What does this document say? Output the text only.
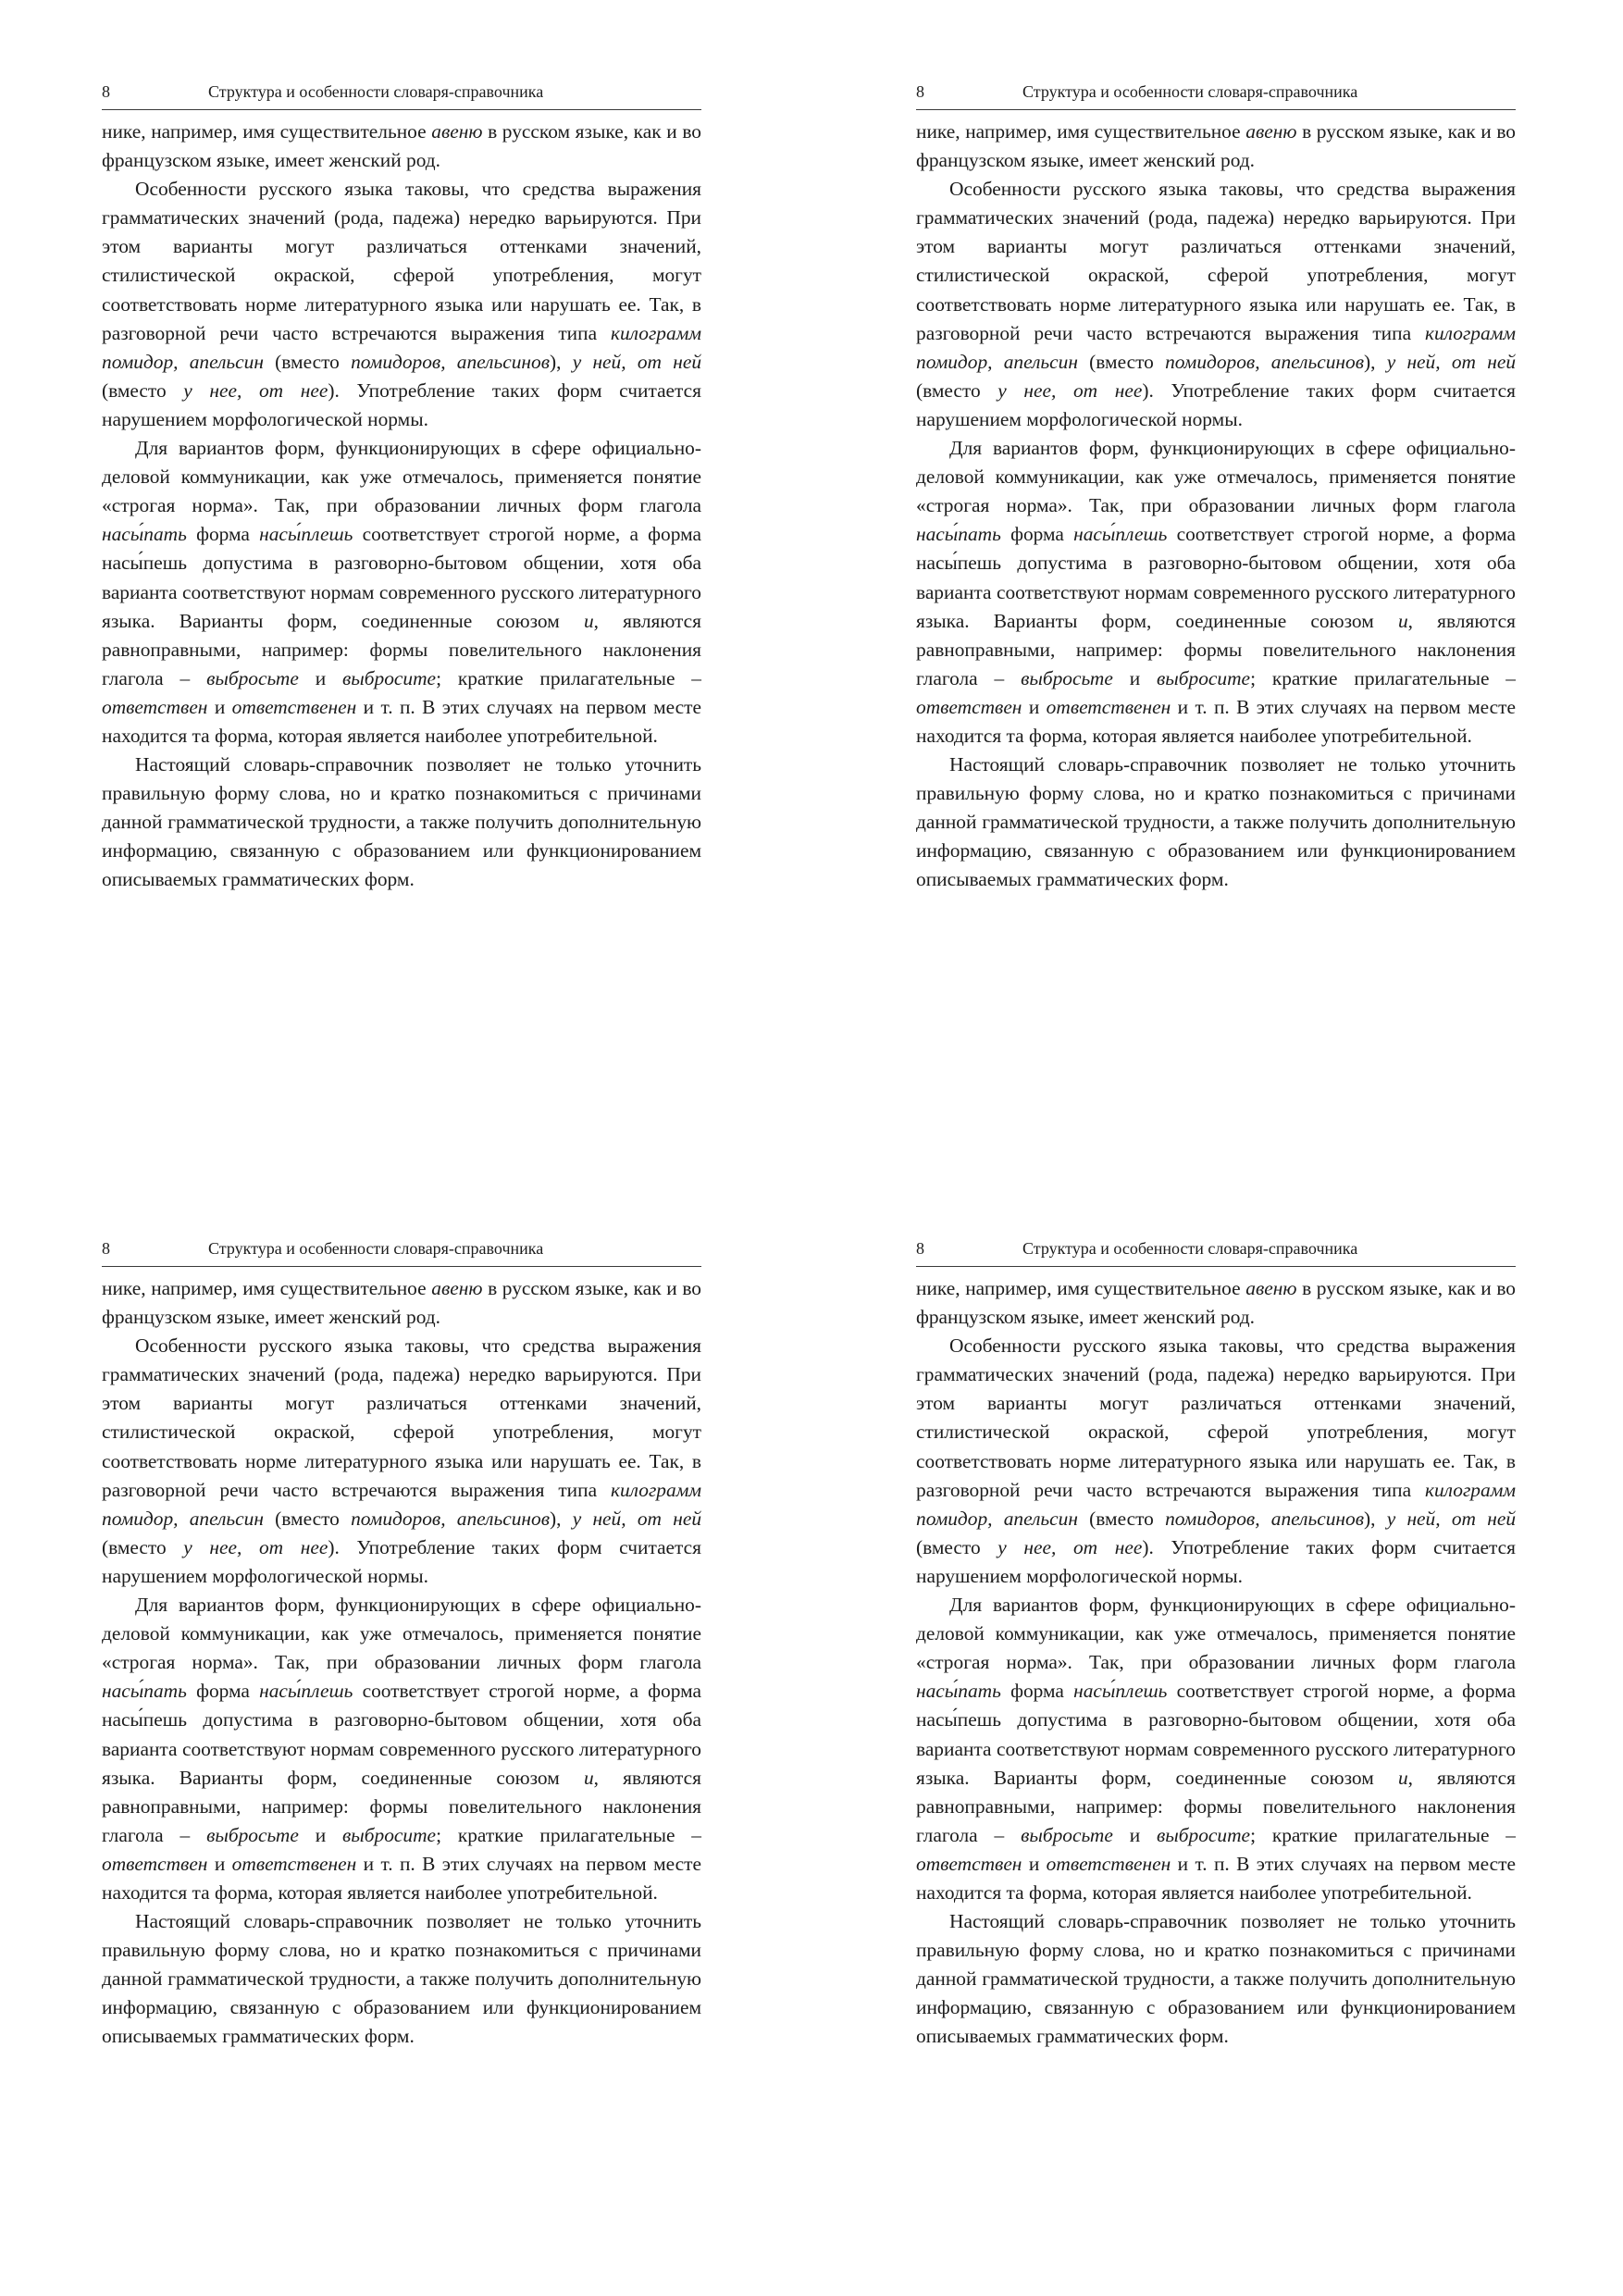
8	Структура и особенности словаря-справочника

нике, например, имя существительное авеню в русском языке, как и во французском языке, имеет женский род.

Особенности русского языка таковы, что средства выражения грамматических значений (рода, падежа) нередко варьируются. При этом варианты могут различаться оттенками значений, стилистической окраской, сферой употребления, могут соответствовать норме литературного языка или нарушать ее. Так, в разговорной речи часто встречаются выражения типа килограмм помидор, апельсин (вместо помидоров, апельсинов), у ней, от ней (вместо у нее, от нее). Употребление таких форм считается нарушением морфологической нормы.

Для вариантов форм, функционирующих в сфере официально-деловой коммуникации, как уже отмечалось, применяется понятие «строгая норма». Так, при образовании личных форм глагола насы́пать форма насы́плешь соответствует строгой норме, а форма насы́пешь допустима в разговорно-бытовом общении, хотя оба варианта соответствуют нормам современного русского литературного языка. Варианты форм, соединенные союзом и, являются равноправными, например: формы повелительного наклонения глагола – выбросьте и выбросите; краткие прилагательные – ответствен и ответственен и т. п. В этих случаях на первом месте находится та форма, которая является наиболее употребительной.

Настоящий словарь-справочник позволяет не только уточнить правильную форму слова, но и кратко познакомиться с причинами данной грамматической трудности, а также получить дополнительную информацию, связанную с образованием или функционированием описываемых грамматических форм.

8	Структура и особенности словаря-справочника

нике, например, имя существительное авеню в русском языке, как и во французском языке, имеет женский род.

Особенности русского языка таковы, что средства выражения грамматических значений (рода, падежа) нередко варьируются. При этом варианты могут различаться оттенками значений, стилистической окраской, сферой употребления, могут соответствовать норме литературного языка или нарушать ее. Так, в разговорной речи часто встречаются выражения типа килограмм помидор, апельсин (вместо помидоров, апельсинов), у ней, от ней (вместо у нее, от нее). Употребление таких форм считается нарушением морфологической нормы.

Для вариантов форм, функционирующих в сфере официально-деловой коммуникации, как уже отмечалось, применяется понятие «строгая норма». Так, при образовании личных форм глагола насы́пать форма насы́плешь соответствует строгой норме, а форма насы́пешь допустима в разговорно-бытовом общении, хотя оба варианта соответствуют нормам современного русского литературного языка. Варианты форм, соединенные союзом и, являются равноправными, например: формы повелительного наклонения глагола – выбросьте и выбросите; краткие прилагательные – ответствен и ответственен и т. п. В этих случаях на первом месте находится та форма, которая является наиболее употребительной.

Настоящий словарь-справочник позволяет не только уточнить правильную форму слова, но и кратко познакомиться с причинами данной грамматической трудности, а также получить дополнительную информацию, связанную с образованием или функционированием описываемых грамматических форм.

8	Структура и особенности словаря-справочника

нике, например, имя существительное авеню в русском языке, как и во французском языке, имеет женский род.

Особенности русского языка таковы, что средства выражения грамматических значений (рода, падежа) нередко варьируются. При этом варианты могут различаться оттенками значений, стилистической окраской, сферой употребления, могут соответствовать норме литературного языка или нарушать ее. Так, в разговорной речи часто встречаются выражения типа килограмм помидор, апельсин (вместо помидоров, апельсинов), у ней, от ней (вместо у нее, от нее). Употребление таких форм считается нарушением морфологической нормы.

Для вариантов форм, функционирующих в сфере официально-деловой коммуникации, как уже отмечалось, применяется понятие «строгая норма». Так, при образовании личных форм глагола насы́пать форма насы́плешь соответствует строгой норме, а форма насы́пешь допустима в разговорно-бытовом общении, хотя оба варианта соответствуют нормам современного русского литературного языка. Варианты форм, соединенные союзом и, являются равноправными, например: формы повелительного наклонения глагола – выбросьте и выбросите; краткие прилагательные – ответствен и ответственен и т. п. В этих случаях на первом месте находится та форма, которая является наиболее употребительной.

Настоящий словарь-справочник позволяет не только уточнить правильную форму слова, но и кратко познакомиться с причинами данной грамматической трудности, а также получить дополнительную информацию, связанную с образованием или функционированием описываемых грамматических форм.

8	Структура и особенности словаря-справочника

нике, например, имя существительное авеню в русском языке, как и во французском языке, имеет женский род.

Особенности русского языка таковы, что средства выражения грамматических значений (рода, падежа) нередко варьируются. При этом варианты могут различаться оттенками значений, стилистической окраской, сферой употребления, могут соответствовать норме литературного языка или нарушать ее. Так, в разговорной речи часто встречаются выражения типа килограмм помидор, апельсин (вместо помидоров, апельсинов), у ней, от ней (вместо у нее, от нее). Употребление таких форм считается нарушением морфологической нормы.

Для вариантов форм, функционирующих в сфере официально-деловой коммуникации, как уже отмечалось, применяется понятие «строгая норма». Так, при образовании личных форм глагола насы́пать форма насы́плешь соответствует строгой норме, а форма насы́пешь допустима в разговорно-бытовом общении, хотя оба варианта соответствуют нормам современного русского литературного языка. Варианты форм, соединенные союзом и, являются равноправными, например: формы повелительного наклонения глагола – выбросьте и выбросите; краткие прилагательные – ответствен и ответственен и т. п. В этих случаях на первом месте находится та форма, которая является наиболее употребительной.

Настоящий словарь-справочник позволяет не только уточнить правильную форму слова, но и кратко познакомиться с причинами данной грамматической трудности, а также получить дополнительную информацию, связанную с образованием или функционированием описываемых грамматических форм.
